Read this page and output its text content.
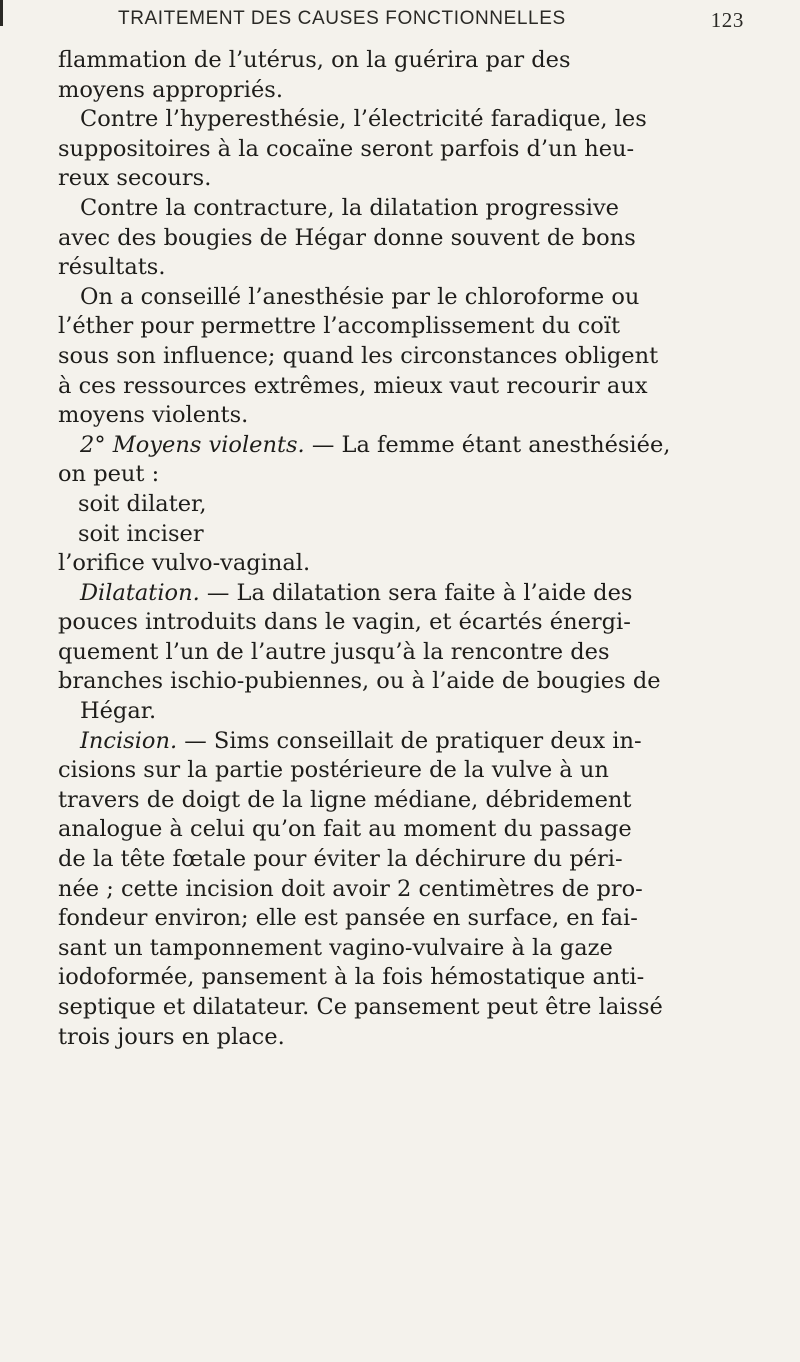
TRAITEMENT DES CAUSES FONCTIONNELLES	123
flammation de l’utérus, on la guérira par des
moyens appropriés.
Contre l’hyperesthésie, l’électricité faradique, les
suppositoires à la cocaïne seront parfois d’un heu-
reux secours.
Contre la contracture, la dilatation progressive
avec des bougies de Hégar donne souvent de bons
résultats.
On a conseillé l’anesthésie par le chloroforme ou
l’éther pour permettre l’accomplissement du coït
sous son influence; quand les circonstances obligent
à ces ressources extrêmes, mieux vaut recourir aux
moyens violents.
2° Moyens violents. — La femme étant anesthésiée,
on peut :
soit dilater,
soit inciser
l’orifice vulvo-vaginal.
Dilatation. — La dilatation sera faite à l’aide des
pouces introduits dans le vagin, et écartés énergi-
quement l’un de l’autre jusqu’à la rencontre des
branches ischio-pubiennes, ou à l’aide de bougies de
Hégar.
Incision. — Sims conseillait de pratiquer deux in-
cisions sur la partie postérieure de la vulve à un
travers de doigt de la ligne médiane, débridement
analogue à celui qu’on fait au moment du passage
de la tête fœtale pour éviter la déchirure du péri-
née ; cette incision doit avoir 2 centimètres de pro-
fondeur environ; elle est pansée en surface, en fai-
sant un tamponnement vagino-vulvaire à la gaze
iodoformée, pansement à la fois hémostatique anti-
septique et dilatateur. Ce pansement peut être laissé
trois jours en place.
